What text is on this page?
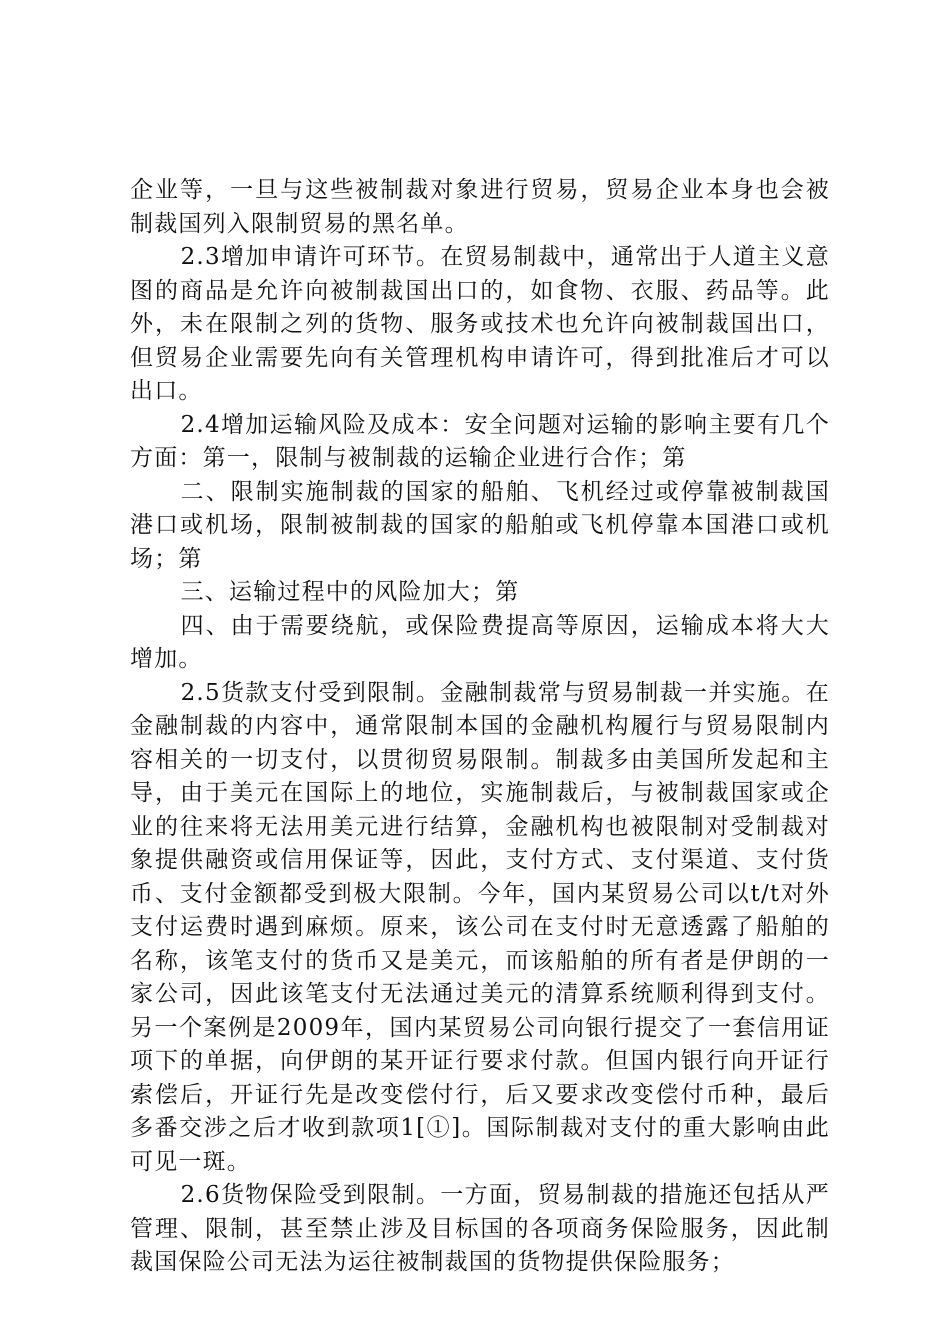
企业等，一旦与这些被制裁对象进行贸易，贸易企业本身也会被制裁国列入限制贸易的黑名单。

2.3增加申请许可环节。在贸易制裁中，通常出于人道主义意图的商品是允许向被制裁国出口的，如食物、衣服、药品等。此外，未在限制之列的货物、服务或技术也允许向被制裁国出口，但贸易企业需要先向有关管理机构申请许可，得到批准后才可以出口。

2.4增加运输风险及成本：安全问题对运输的影响主要有几个方面：第一，限制与被制裁的运输企业进行合作；第

二、限制实施制裁的国家的船舶、飞机经过或停靠被制裁国港口或机场，限制被制裁的国家的船舶或飞机停靠本国港口或机场；第

三、运输过程中的风险加大；第

四、由于需要绕航，或保险费提高等原因，运输成本将大大增加。

2.5货款支付受到限制。金融制裁常与贸易制裁一并实施。在金融制裁的内容中，通常限制本国的金融机构履行与贸易限制内容相关的一切支付，以贯彻贸易限制。制裁多由美国所发起和主导，由于美元在国际上的地位，实施制裁后，与被制裁国家或企业的往来将无法用美元进行结算，金融机构也被限制对受制裁对象提供融资或信用保证等，因此，支付方式、支付渠道、支付货币、支付金额都受到极大限制。今年，国内某贸易公司以t/t对外支付运费时遇到麻烦。原来，该公司在支付时无意透露了船舶的名称，该笔支付的货币又是美元，而该船舶的所有者是伊朗的一家公司，因此该笔支付无法通过美元的清算系统顺利得到支付。另一个案例是2009年，国内某贸易公司向银行提交了一套信用证项下的单据，向伊朗的某开证行要求付款。但国内银行向开证行索偿后，开证行先是改变偿付行，后又要求改变偿付币种，最后多番交涉之后才收到款项1[①]。国际制裁对支付的重大影响由此可见一斑。

2.6货物保险受到限制。一方面，贸易制裁的措施还包括从严管理、限制，甚至禁止涉及目标国的各项商务保险服务，因此制裁国保险公司无法为运往被制裁国的货物提供保险服务；
